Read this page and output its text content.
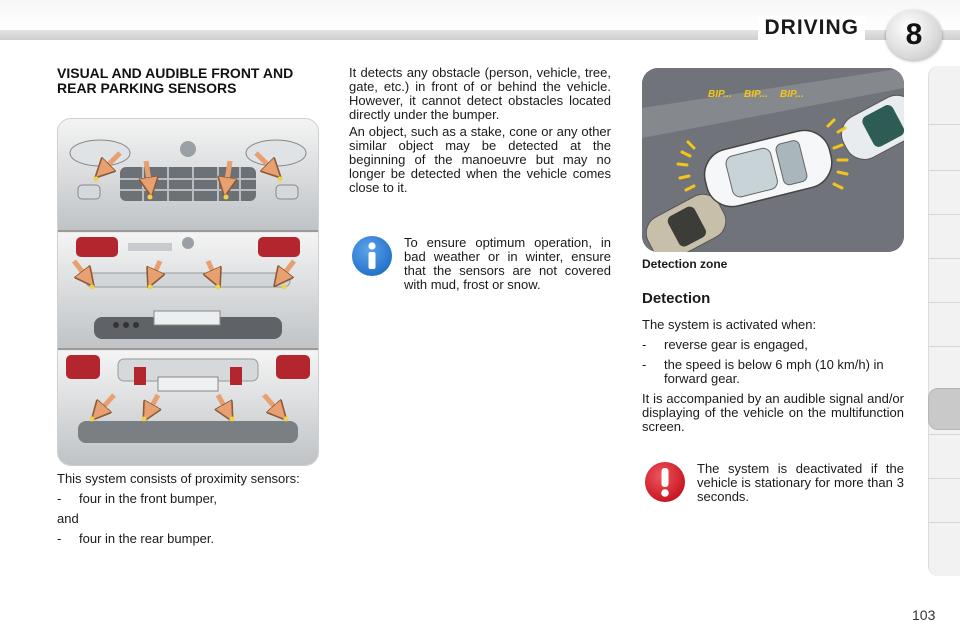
DRIVING	8
VISUAL AND AUDIBLE FRONT AND REAR PARKING SENSORS

This system consists of proximity sensors:

-	four in the front bumper,

and

-	four in the rear bumper.

It detects any obstacle (person, vehicle, tree, gate, etc.) in front of or behind the vehicle. However, it cannot detect obstacles located directly under the bumper.

An object, such as a stake, cone or any other similar object may be detected at the beginning of the manoeuvre but may no longer be detected when the vehicle comes close to it.

To ensure optimum operation, in bad weather or in winter, ensure that the sensors are not covered with mud, frost or snow.
BIP... BIP... BIP...
Detection zone
Detection

The system is activated when:

-	reverse gear is engaged,
-	the speed is below 6 mph (10 km/h) in forward gear.

It is accompanied by an audible signal and/or displaying of the vehicle on the multifunction screen.

The system is deactivated if the vehicle is stationary for more than 3 seconds.
103
